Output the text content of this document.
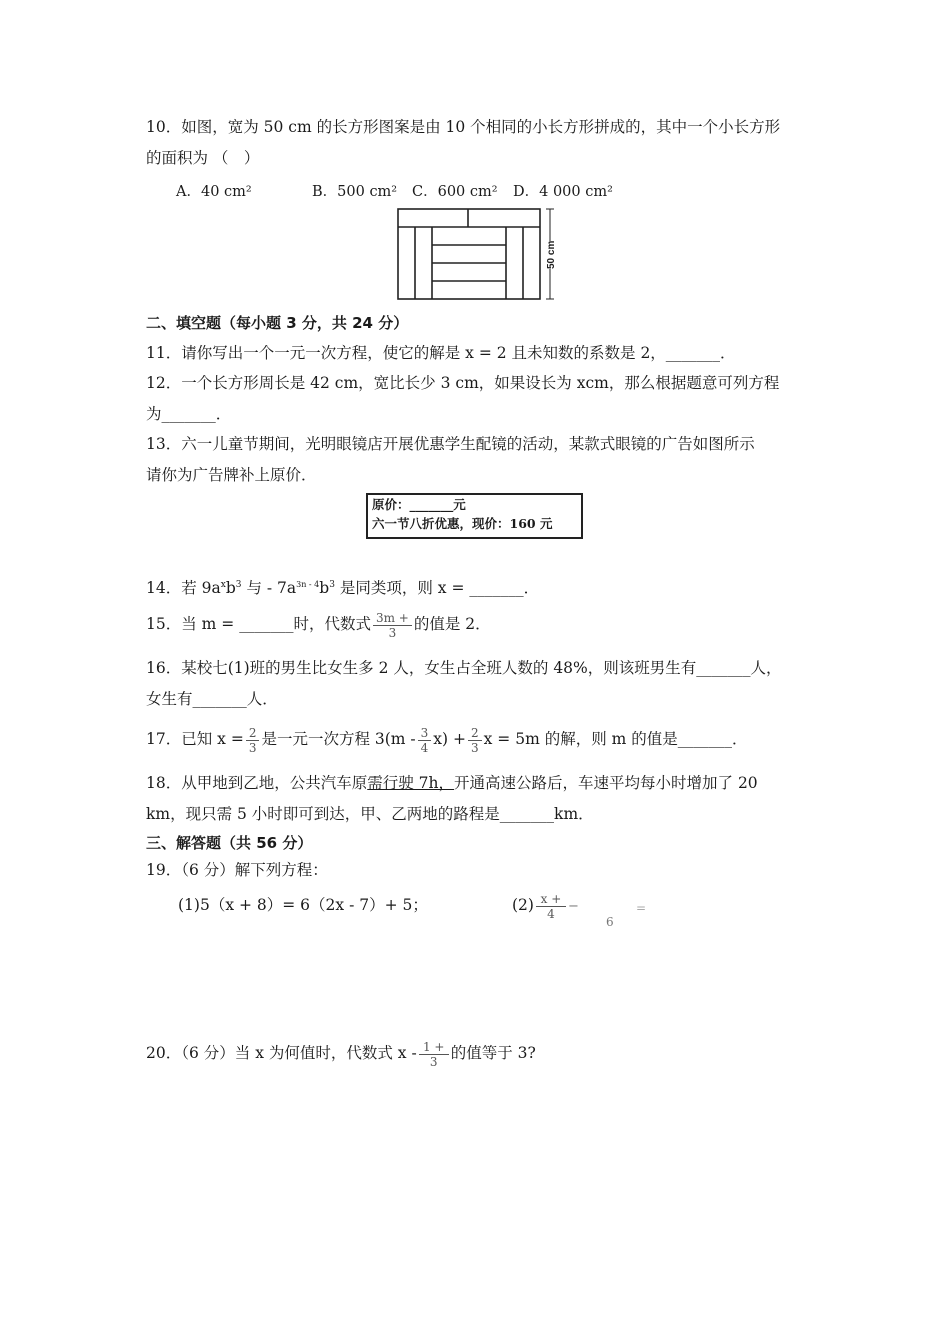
10．如图，宽为 50 cm 的长方形图案是由 10 个相同的小长方形拼成的，其中一个小长方形
的面积为 （　）
A．40 cm²	B．500 cm² C．600 cm² D．4 000 cm²
50 cm
二、填空题（每小题 3 分，共 24 分）
11．请你写出一个一元一次方程，使它的解是 x = 2 且未知数的系数是 2，_______．
12．一个长方形周长是 42 cm，宽比长少 3 cm，如果设长为 xcm，那么根据题意可列方程
为_______．
13．六一儿童节期间，光明眼镜店开展优惠学生配镜的活动，某款式眼镜的广告如图所示
请你为广告牌补上原价．
原价：_______元
六一节八折优惠，现价：160 元
14．若 $9a^xb^3$ 与 - $7a^{3n - 4}b^3$ 是同类项，则 x = _______．
15．当 m = _______时，代数式 $\frac{3m +}{3}$ 的值是 2．
16．某校七(1)班的男生比女生多 2 人，女生占全班人数的 48%，则该班男生有_______人，
女生有_______人．
17．已知 $x = \frac{2}{3}$ 是一元一次方程 $3(m - \frac{3}{4} x) + \frac{2}{3}$ x = 5m 的解，则 m 的值是_______．
18．从甲地到乙地，公共汽车原需行驶 7h，开通高速公路后，车速平均每小时增加了 20
km，现只需 5 小时即可到达，甲、乙两地的路程是_______km．
三、解答题（共 56 分）
19．（6 分）解下列方程：
(1)5（x + 8）= 6（2x - 7）+ 5；	$(2) \frac{x +}{4}$ −
6
=
20．（6 分）当 x 为何值时，代数式 x - $\frac{1 +}{3}$ 的值等于 3?
